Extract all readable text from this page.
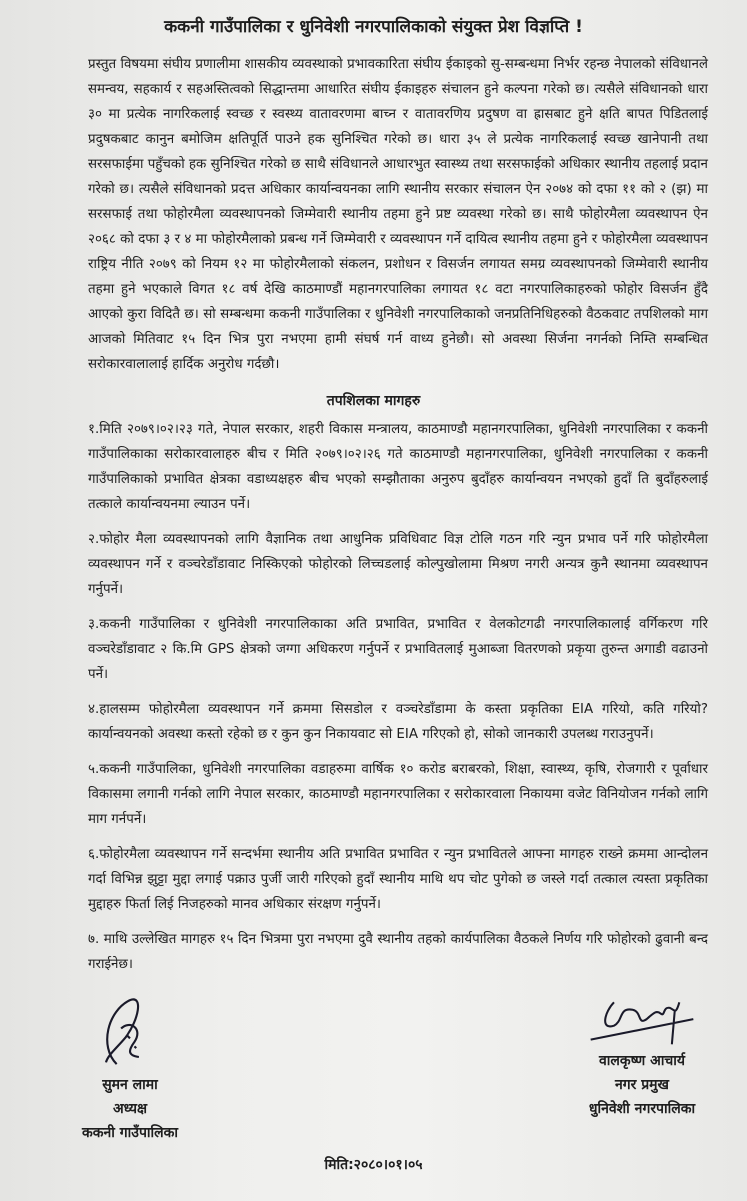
ककनी गाउँपालिका र धुनिवेशी नगरपालिकाको संयुक्त प्रेश विज्ञप्ति !
प्रस्तुत विषयमा संघीय प्रणालीमा शासकीय व्यवस्थाको प्रभावकारिता संघीय ईकाइको सु-सम्बन्धमा निर्भर रहन्छ नेपालको संविधानले समन्वय, सहकार्य र सहअस्तित्वको सिद्धान्तमा आधारित संघीय ईकाइहरु संचालन हुने कल्पना गरेको छ। त्यसैले संविधानको धारा ३० मा प्रत्येक नागरिकलाई स्वच्छ र स्वस्थ्य वातावरणमा बाच्न र वातावरणिय प्रदुषण वा ह्रासबाट हुने क्षति बापत पिडितलाई प्रदुषकबाट कानुन बमोजिम क्षतिपूर्ति पाउने हक सुनिश्चित गरेको छ। धारा ३५ ले प्रत्येक नागरिकलाई स्वच्छ खानेपानी तथा सरसफाईमा पहुँचको हक सुनिश्चित गरेको छ साथै संविधानले आधारभुत स्वास्थ्य तथा सरसफाईको अधिकार स्थानीय तहलाई प्रदान गरेको छ। त्यसैले संविधानको प्रदत्त अधिकार कार्यान्वयनका लागि स्थानीय सरकार संचालन ऐन २०७४ को दफा ११ को २ (झ) मा सरसफाई तथा फोहोरमैला व्यवस्थापनको जिम्मेवारी स्थानीय तहमा हुने प्रष्ट व्यवस्था गरेको छ। साथै फोहोरमैला व्यवस्थापन ऐन २०६८ को दफा ३ र ४ मा फोहोरमैलाको प्रबन्ध गर्ने जिम्मेवारी र व्यवस्थापन गर्ने दायित्व स्थानीय तहमा हुने र फोहोरमैला व्यवस्थापन राष्ट्रिय नीति २०७९ को नियम १२ मा फोहोरमैलाको संकलन, प्रशोधन र विसर्जन लगायत समग्र व्यवस्थापनको जिम्मेवारी स्थानीय तहमा हुने भएकाले विगत १८ वर्ष देखि काठमाण्डौं महानगरपालिका लगायत १८ वटा नगरपालिकाहरुको फोहोर विसर्जन हुँदै आएको कुरा विदितै छ। सो सम्बन्धमा ककनी गाउँपालिका र धुनिवेशी नगरपालिकाको जनप्रतिनिधिहरुको वैठकवाट तपशिलको माग आजको मितिवाट १५ दिन भित्र पुरा नभएमा हामी संघर्ष गर्न वाध्य हुनेछौ। सो अवस्था सिर्जना नगर्नको निम्ति सम्बन्धित सरोकारवालालाई हार्दिक अनुरोध गर्दछौ।
तपशिलका मागहरु
१.मिति २०७९।०२।२३ गते, नेपाल सरकार, शहरी विकास मन्त्रालय, काठमाण्डौ महानगरपालिका, धुनिवेशी नगरपालिका र ककनी गाउँपालिकाका सरोकारवालाहरु बीच र मिति २०७९।०२।२६ गते काठमाण्डौ महानगरपालिका, धुनिवेशी नगरपालिका र ककनी गाउँपालिकाको प्रभावित क्षेत्रका वडाध्यक्षहरु बीच भएको सम्झौताका अनुरुप बुदाँहरु कार्यान्वयन नभएको हुदाँ ति बुदाँहरुलाई तत्काले कार्यान्वयनमा ल्याउन पर्ने।
२.फोहोर मैला व्यवस्थापनको लागि वैज्ञानिक तथा आधुनिक प्रविधिवाट विज्ञ टोलि गठन गरि न्युन प्रभाव पर्ने गरि फोहोरमैला व्यवस्थापन गर्ने र वञ्चरेडाँडावाट निस्किएको फोहोरको लिच्चडलाई कोल्पुखोलामा मिश्रण नगरी अन्यत्र कुनै स्थानमा व्यवस्थापन गर्नुपर्ने।
३.ककनी गाउँपालिका र धुनिवेशी नगरपालिकाका अति प्रभावित, प्रभावित र वेलकोटगढी नगरपालिकालाई वर्गिकरण गरि वञ्चरेडाँडावाट २ कि.मि GPS क्षेत्रको जग्गा अधिकरण गर्नुपर्ने र प्रभावितलाई मुआब्जा वितरणको प्रकृया तुरुन्त अगाडी वढाउनो पर्ने।
४.हालसम्म फोहोरमैला व्यवस्थापन गर्ने क्रममा सिसडोल र वञ्चरेडाँडामा के कस्ता प्रकृतिका EIA गरियो, कति गरियो? कार्यान्वयनको अवस्था कस्तो रहेको छ र कुन कुन निकायवाट सो EIA गरिएको हो, सोको जानकारी उपलब्ध गराउनुपर्ने।
५.ककनी गाउँपालिका, धुनिवेशी नगरपालिका वडाहरुमा वार्षिक १० करोड बराबरको, शिक्षा, स्वास्थ्य, कृषि, रोजगारी र पूर्वाधार विकासमा लगानी गर्नको लागि नेपाल सरकार, काठमाण्डौ महानगरपालिका र सरोकारवाला निकायमा वजेट विनियोजन गर्नको लागि माग गर्नपर्ने।
६.फोहोरमैला व्यवस्थापन गर्ने सन्दर्भमा स्थानीय अति प्रभावित प्रभावित र न्युन प्रभावितले आफ्ना मागहरु राख्ने क्रममा आन्दोलन गर्दा विभिन्न झुट्टा मुद्दा लगाई पक्राउ पुर्जी जारी गरिएको हुदाँ स्थानीय माथि थप चोट पुगेको छ जस्ले गर्दा तत्काल त्यस्ता प्रकृतिका मुद्दाहरु फिर्ता लिई निजहरुको मानव अधिकार संरक्षण गर्नुपर्ने।
७. माथि उल्लेखित मागहरु १५ दिन भित्रमा पुरा नभएमा दुवै स्थानीय तहको कार्यपालिका वैठकले निर्णय गरि फोहोरको ढुवानी बन्द गराईनेछ।
सुमन लामा
अध्यक्ष
ककनी गाउँपालिका
वालकृष्ण आचार्य
नगर प्रमुख
धुनिवेशी नगरपालिका
मिति:२०८०।०१।०५
